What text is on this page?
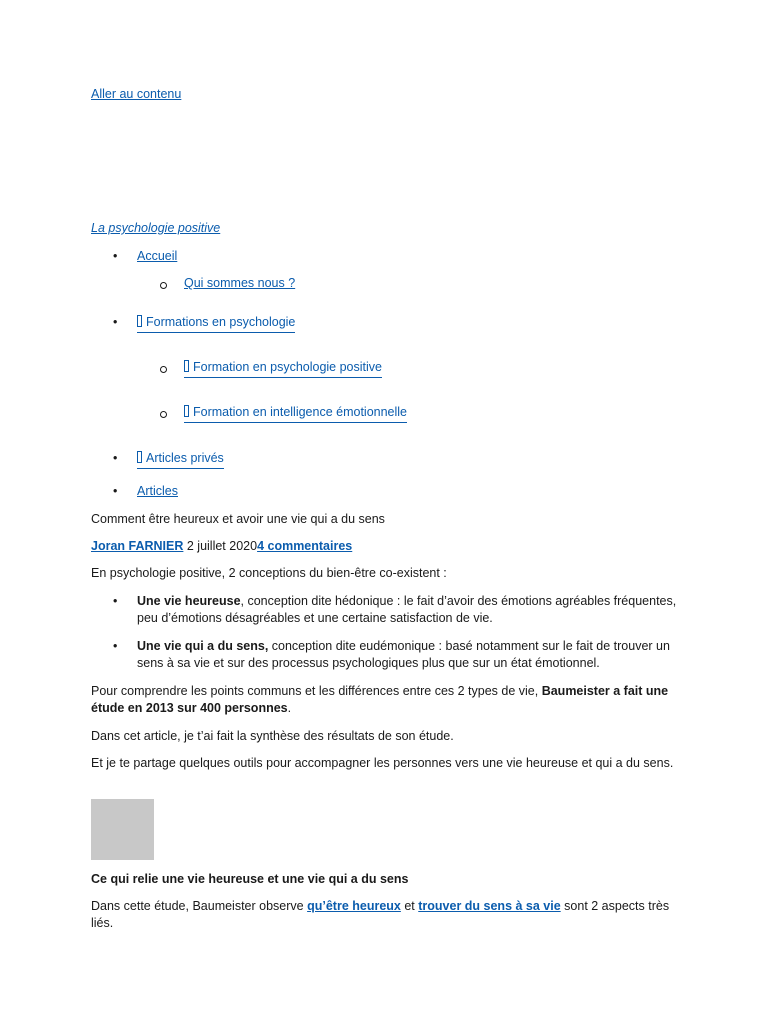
Aller au contenu
La psychologie positive
• Accueil
Qui sommes nous ?
• Formations en psychologie
Formation en psychologie positive
Formation en intelligence émotionnelle
• Articles privés
• Articles
Comment être heureux et avoir une vie qui a du sens
Joran FARNIER 2 juillet 20204 commentaires
En psychologie positive, 2 conceptions du bien-être co-existent :
• Une vie heureuse, conception dite hédonique : le fait d’avoir des émotions agréables fréquentes, peu d’émotions désagréables et une certaine satisfaction de vie.
• Une vie qui a du sens, conception dite eudémonique : basé notamment sur le fait de trouver un sens à sa vie et sur des processus psychologiques plus que sur un état émotionnel.
Pour comprendre les points communs et les différences entre ces 2 types de vie, Baumeister a fait une étude en 2013 sur 400 personnes.
Dans cet article, je t’ai fait la synthèse des résultats de son étude.
Et je te partage quelques outils pour accompagner les personnes vers une vie heureuse et qui a du sens.
Ce qui relie une vie heureuse et une vie qui a du sens
Dans cette étude, Baumeister observe qu’être heureux et trouver du sens à sa vie sont 2 aspects très liés.
